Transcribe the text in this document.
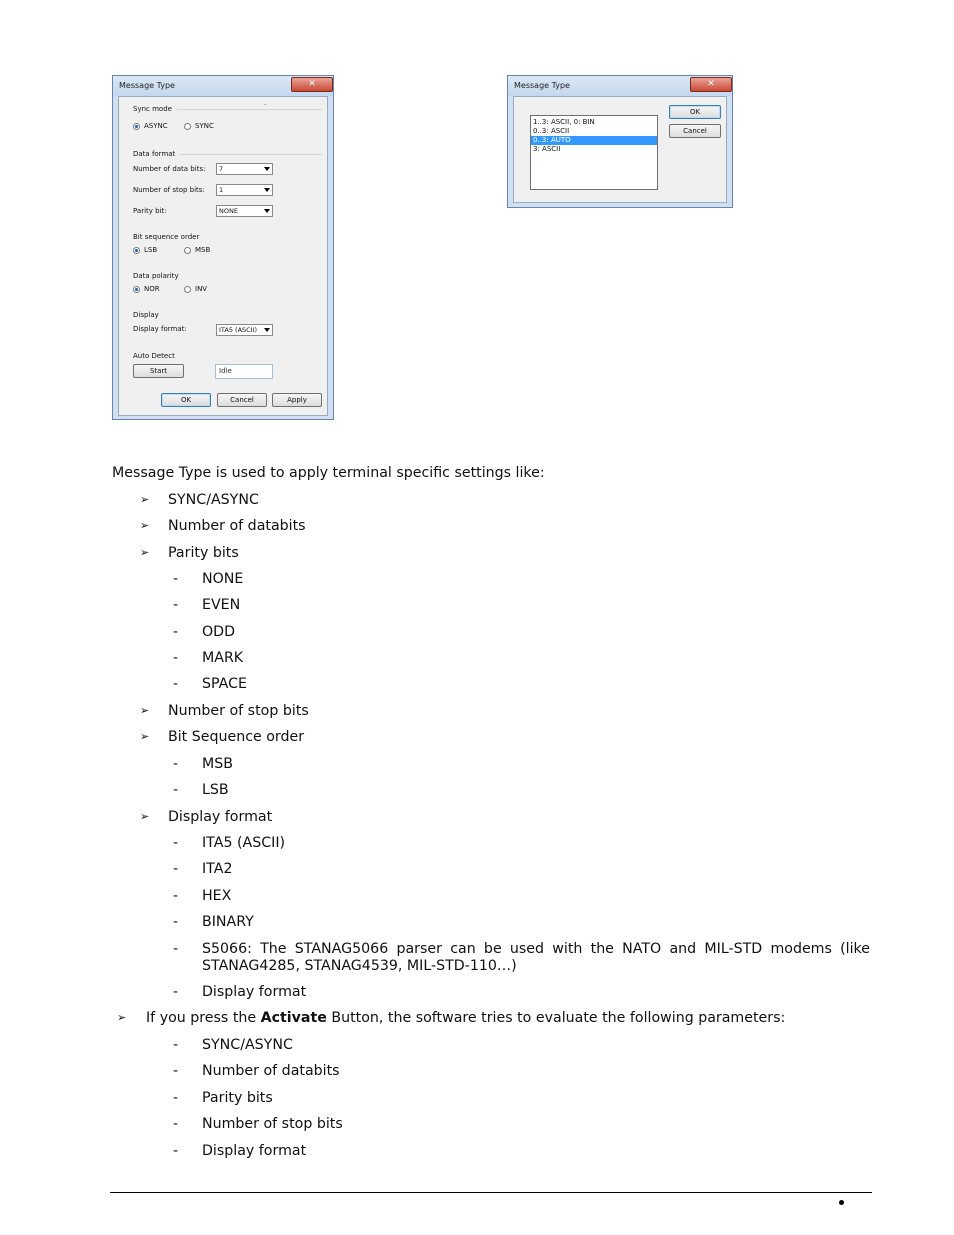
Message Type	✕
Sync mode
.
ASYNC	SYNC
Data format
Number of data bits:	7
Number of stop bits:	1
Parity bit:	NONE
Bit sequence order
LSB	MSB
Data polarity
NOR	INV
Display
Display format:	ITA5 (ASCII)
Auto Detect
Start	Idle
OK	Cancel	Apply
Message Type	✕
1..3: ASCII, 0: BIN
0..3: ASCII
0..3: AUTO
3: ASCII
OK
Cancel
Message Type is used to apply terminal specific settings like:
➢ SYNC/ASYNC
➢ Number of databits
➢ Parity bits
- NONE
- EVEN
- ODD
- MARK
- SPACE
➢ Number of stop bits
➢ Bit Sequence order
- MSB
- LSB
➢ Display format
- ITA5 (ASCII)
- ITA2
- HEX
- BINARY
- S5066: The STANAG5066 parser can be used with the NATO and MIL-STD modems (like STANAG4285, STANAG4539, MIL-STD-110…)
- Display format
➢ If you press the Activate Button, the software tries to evaluate the following parameters:
- SYNC/ASYNC
- Number of databits
- Parity bits
- Number of stop bits
- Display format
